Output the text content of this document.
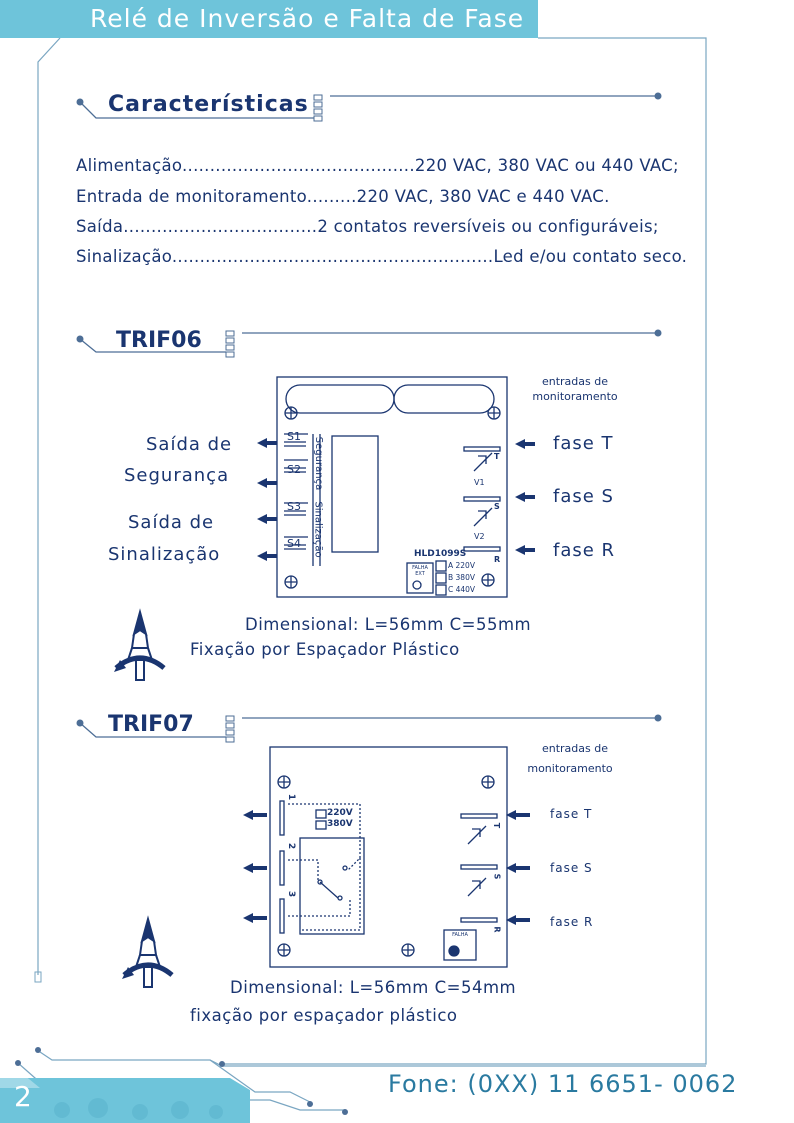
Relé de Inversão e Falta de Fase
Características
Alimentação..........................................220 VAC, 380 VAC ou 440 VAC;
Entrada de monitoramento.........220 VAC, 380 VAC e 440 VAC.
Saída...................................2 contatos reversíveis ou configuráveis;
Sinalização..........................................................Led e/ou contato seco.
TRIF06
entradas de
monitoramento
Saída de
Segurança
Saída de
Sinalização
fase T
fase S
fase R
S1
S2
S3
S4
Segurança
Sinalização	HLD1099S
V1
V2
T
S
R
FALHA EXT
A 220V
B 380V
C 440V
Dimensional: L=56mm C=55mm
Fixação por Espaçador Plástico
TRIF07
entradas de
monitoramento
fase T
fase S
fase R
220V
380V
1
2
3
T
S
R
FALHA
Dimensional: L=56mm C=54mm
fixação por espaçador plástico
Fone: (0XX) 11 6651- 0062
2
